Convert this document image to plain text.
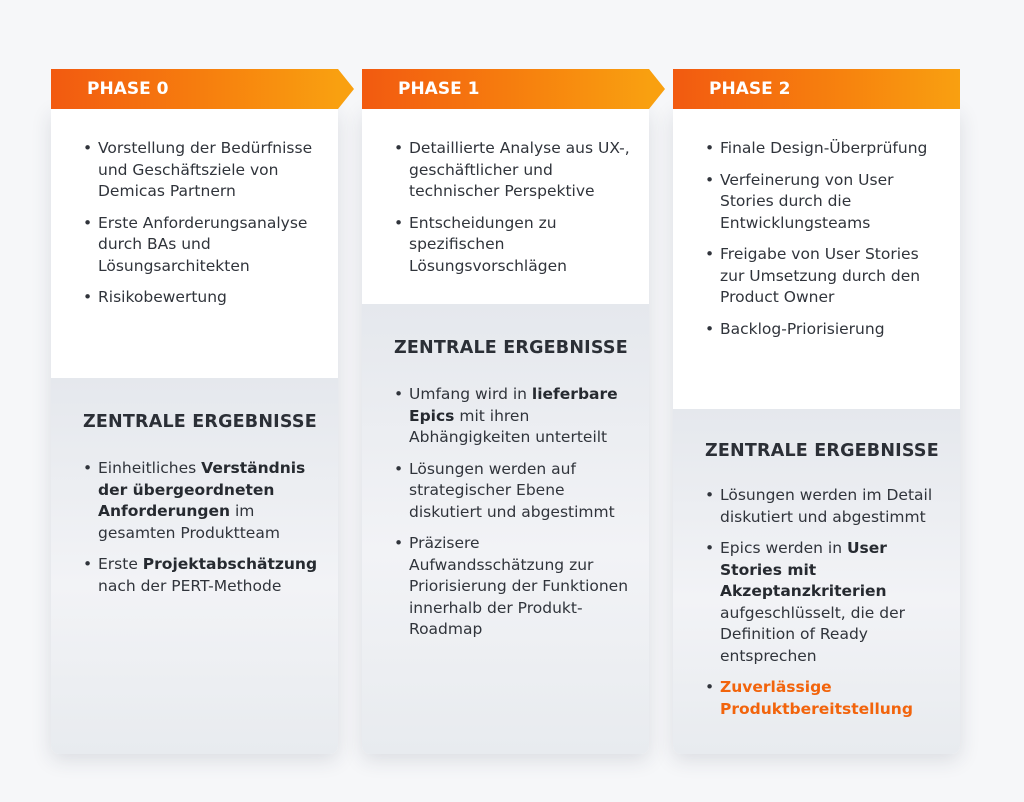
PHASE 0
• Vorstellung der Bedürfnisse und Geschäftsziele von Demicas Partnern
• Erste Anforderungsanalyse durch BAs und Lösungsarchitekten
• Risikobewertung

ZENTRALE ERGEBNISSE

• Einheitliches Verständnis der übergeordneten Anforderungen im gesamten Produktteam
• Erste Projektabschätzung nach der PERT-Methode
PHASE 1
• Detaillierte Analyse aus UX-, geschäftlicher und technischer Perspektive
• Entscheidungen zu spezifischen Lösungsvorschlägen

ZENTRALE ERGEBNISSE

• Umfang wird in lieferbare Epics mit ihren Abhängigkeiten unterteilt
• Lösungen werden auf strategischer Ebene diskutiert und abgestimmt
• Präzisere Aufwandsschätzung zur Priorisierung der Funktionen innerhalb der Produkt-Roadmap
PHASE 2
• Finale Design-Überprüfung
• Verfeinerung von User Stories durch die Entwicklungsteams
• Freigabe von User Stories zur Umsetzung durch den Product Owner
• Backlog-Priorisierung

ZENTRALE ERGEBNISSE

• Lösungen werden im Detail diskutiert und abgestimmt
• Epics werden in User Stories mit Akzeptanzkriterien aufgeschlüsselt, die der Definition of Ready entsprechen
• Zuverlässige Produktbereitstellung
